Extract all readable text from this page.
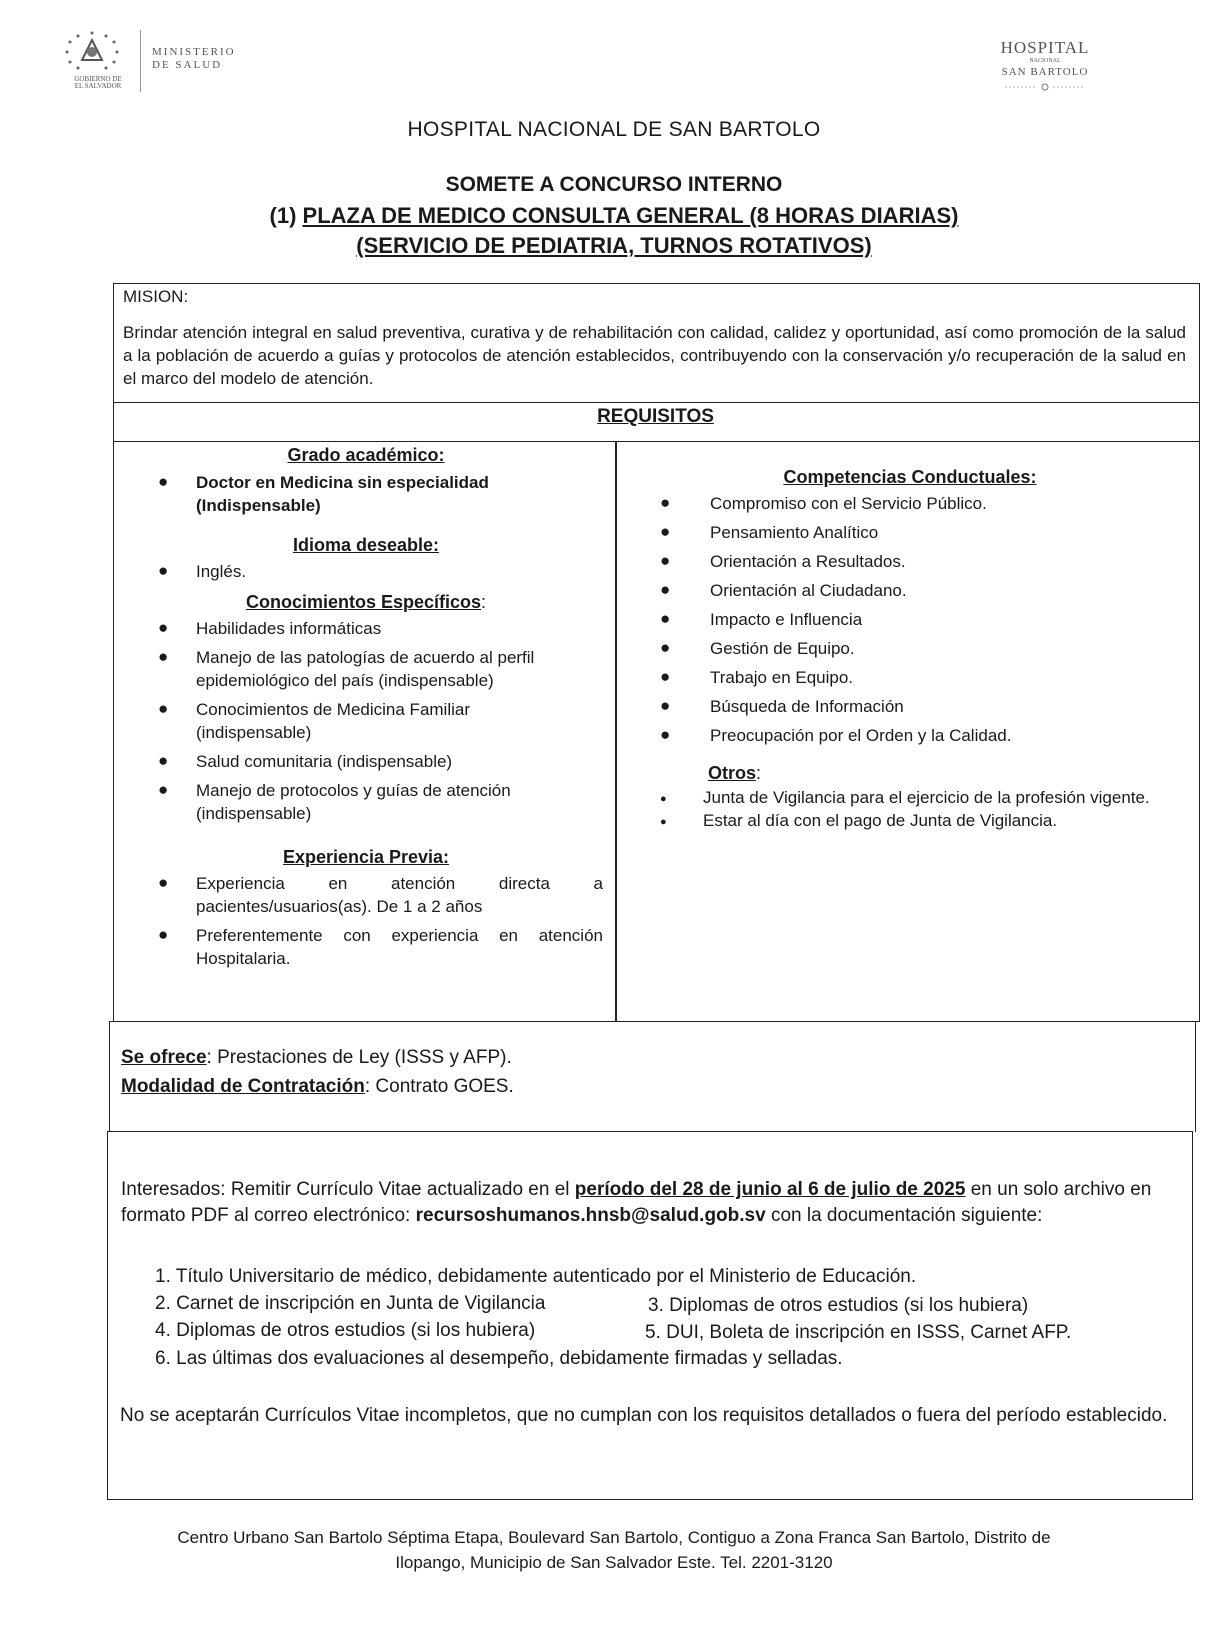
MINISTERIO
DE SALUD
GOBIERNO DE
EL SALVADOR
HOSPITAL
NACIONAL
SAN BARTOLO
HOSPITAL NACIONAL DE SAN BARTOLO
SOMETE A CONCURSO INTERNO
(1) PLAZA DE MEDICO CONSULTA GENERAL (8 HORAS DIARIAS)
(SERVICIO DE PEDIATRIA, TURNOS ROTATIVOS)
MISION:
Brindar atención integral en salud preventiva, curativa y de rehabilitación con calidad, calidez y oportunidad, así como promoción de la salud a la población de acuerdo a guías y protocolos de atención establecidos, contribuyendo con la conservación y/o recuperación de la salud en el marco del modelo de atención.
REQUISITOS
Grado académico:
● Doctor en Medicina sin especialidad (Indispensable)
Idioma deseable:
● Inglés.
Conocimientos Específicos:
● Habilidades informáticas
● Manejo de las patologías de acuerdo al perfil epidemiológico del país (indispensable)
● Conocimientos de Medicina Familiar (indispensable)
● Salud comunitaria (indispensable)
● Manejo de protocolos y guías de atención (indispensable)
Experiencia Previa:
● Experiencia en atención directa a pacientes/usuarios(as). De 1 a 2 años
● Preferentemente con experiencia en atención Hospitalaria.
Competencias Conductuales:
● Compromiso con el Servicio Público.
● Pensamiento Analítico
● Orientación a Resultados.
● Orientación al Ciudadano.
● Impacto e Influencia
● Gestión de Equipo.
● Trabajo en Equipo.
● Búsqueda de Información
● Preocupación por el Orden y la Calidad.
Otros:
● Junta de Vigilancia para el ejercicio de la profesión vigente.
● Estar al día con el pago de Junta de Vigilancia.
Se ofrece: Prestaciones de Ley (ISSS y AFP).
Modalidad de Contratación: Contrato GOES.
Interesados: Remitir Currículo Vitae actualizado en el período del 28 de junio al 6 de julio de 2025 en un solo archivo en formato PDF al correo electrónico: recursoshumanos.hnsb@salud.gob.sv con la documentación siguiente:
1. Título Universitario de médico, debidamente autenticado por el Ministerio de Educación.
2. Carnet de inscripción en Junta de Vigilancia	3. Diplomas de otros estudios (si los hubiera)
4. Diplomas de otros estudios (si los hubiera)	5. DUI, Boleta de inscripción en ISSS, Carnet AFP.
6. Las últimas dos evaluaciones al desempeño, debidamente firmadas y selladas.
No se aceptarán Currículos Vitae incompletos, que no cumplan con los requisitos detallados o fuera del período establecido.
Centro Urbano San Bartolo Séptima Etapa, Boulevard San Bartolo, Contiguo a Zona Franca San Bartolo, Distrito de
Ilopango, Municipio de San Salvador Este. Tel. 2201-3120
